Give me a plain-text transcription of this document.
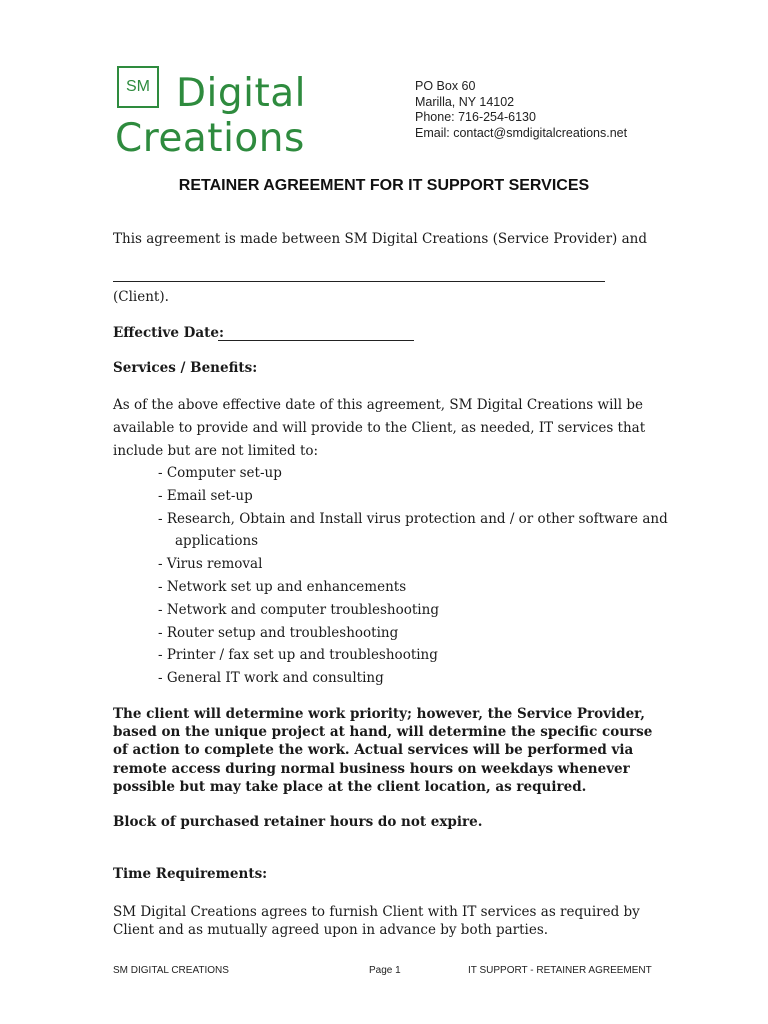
SM Digital
Creations
PO Box 60
Marilla, NY 14102
Phone: 716-254-6130
Email: contact@smdigitalcreations.net
RETAINER AGREEMENT FOR IT SUPPORT SERVICES
This agreement is made between SM Digital Creations (Service Provider) and
(Client).
Effective Date:
Services / Benefits:
As of the above effective date of this agreement, SM Digital Creations will be available to provide and will provide to the Client, as needed, IT services that include but are not limited to:
- Computer set-up
- Email set-up
- Research, Obtain and Install virus protection and / or other software and
applications
- Virus removal
- Network set up and enhancements
- Network and computer troubleshooting
- Router setup and troubleshooting
- Printer / fax set up and troubleshooting
- General IT work and consulting
The client will determine work priority; however, the Service Provider, based on the unique project at hand, will determine the specific course of action to complete the work. Actual services will be performed via remote access during normal business hours on weekdays whenever possible but may take place at the client location, as required.
Block of purchased retainer hours do not expire.
Time Requirements:
SM Digital Creations agrees to furnish Client with IT services as required by Client and as mutually agreed upon in advance by both parties.
SM DIGITAL CREATIONS	Page 1	IT SUPPORT - RETAINER AGREEMENT
